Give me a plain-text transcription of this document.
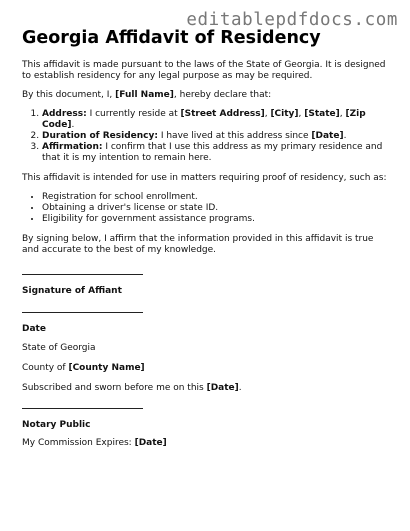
editablepdfdocs.com
Georgia Affidavit of Residency

This affidavit is made pursuant to the laws of the State of Georgia. It is designed to establish residency for any legal purpose as may be required.

By this document, I, [Full Name], hereby declare that:

1. Address: I currently reside at [Street Address], [City], [State], [Zip Code].
2. Duration of Residency: I have lived at this address since [Date].
3. Affirmation: I confirm that I use this address as my primary residence and that it is my intention to remain here.

This affidavit is intended for use in matters requiring proof of residency, such as:

• Registration for school enrollment.
• Obtaining a driver's license or state ID.
• Eligibility for government assistance programs.

By signing below, I affirm that the information provided in this affidavit is true and accurate to the best of my knowledge.

Signature of Affiant

Date

State of Georgia

County of [County Name]

Subscribed and sworn before me on this [Date].

Notary Public

My Commission Expires: [Date]
